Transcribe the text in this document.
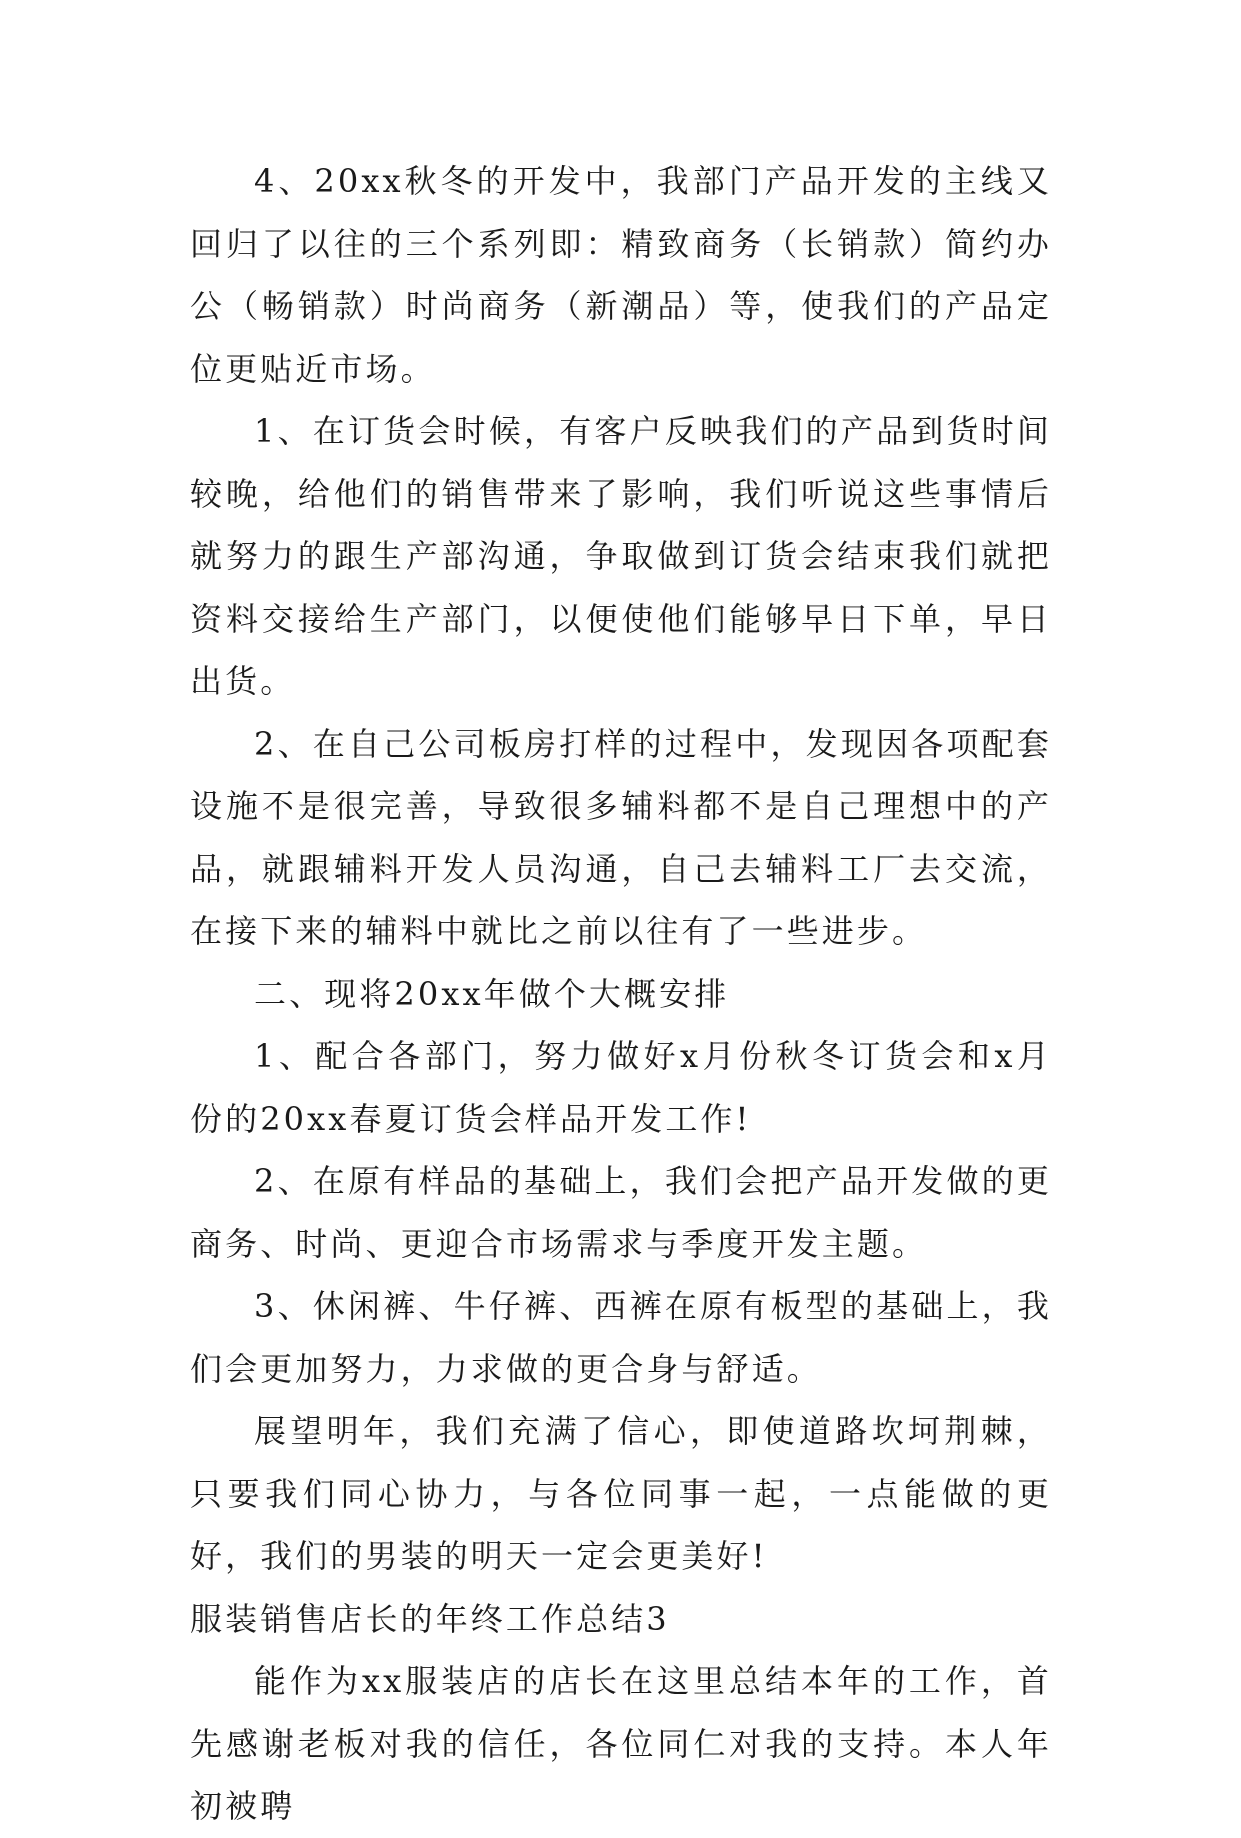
4、20xx秋冬的开发中，我部门产品开发的主线又回归了以往的三个系列即：精致商务（长销款）简约办公（畅销款）时尚商务（新潮品）等，使我们的产品定位更贴近市场。

1、在订货会时候，有客户反映我们的产品到货时间较晚，给他们的销售带来了影响，我们听说这些事情后就努力的跟生产部沟通，争取做到订货会结束我们就把资料交接给生产部门，以便使他们能够早日下单，早日出货。

2、在自己公司板房打样的过程中，发现因各项配套设施不是很完善，导致很多辅料都不是自己理想中的产品，就跟辅料开发人员沟通，自己去辅料工厂去交流，在接下来的辅料中就比之前以往有了一些进步。

二、现将20xx年做个大概安排

1、配合各部门，努力做好x月份秋冬订货会和x月份的20xx春夏订货会样品开发工作!

2、在原有样品的基础上，我们会把产品开发做的更商务、时尚、更迎合市场需求与季度开发主题。

3、休闲裤、牛仔裤、西裤在原有板型的基础上，我们会更加努力，力求做的更合身与舒适。

展望明年，我们充满了信心，即使道路坎坷荆棘，只要我们同心协力，与各位同事一起，一点能做的更好，我们的男装的明天一定会更美好!

服装销售店长的年终工作总结3

能作为xx服装店的店长在这里总结本年的工作，首先感谢老板对我的信任，各位同仁对我的支持。本人年初被聘
